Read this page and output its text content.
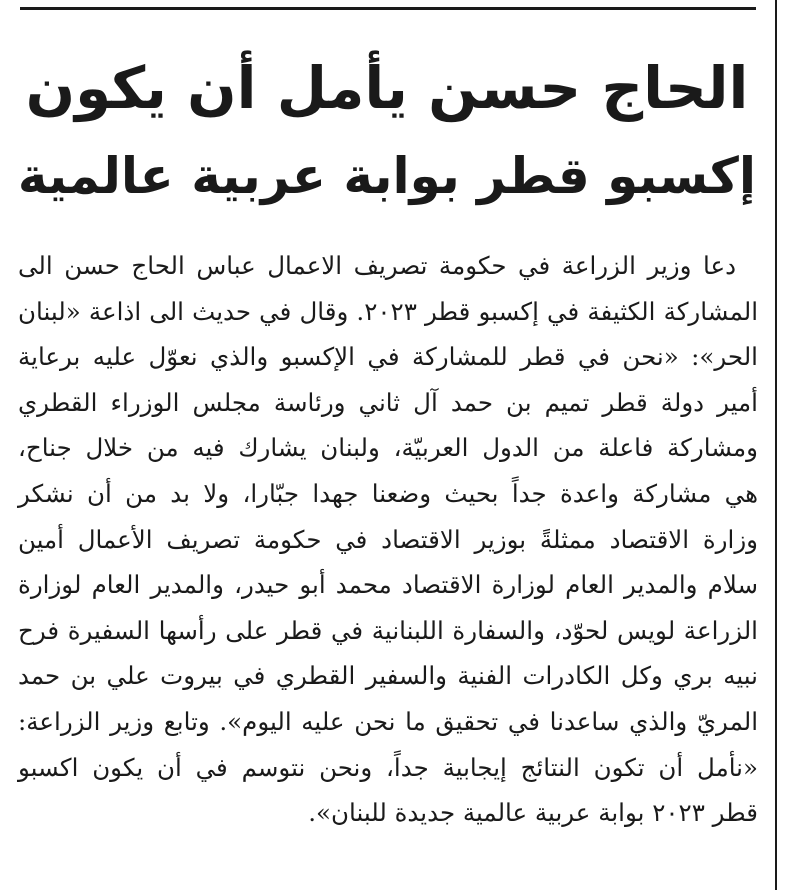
الحاج حسن يأمل أن يكون
إكسبو قطر بوابة عربية عالمية
دعا وزير الزراعة في حكومة تصريف الاعمال عباس الحاج حسن الى
المشاركة الكثيفة في إكسبو قطر ٢٠٢٣. وقال في حديث الى اذاعة «لبنان
الحر»: «نحن في قطر للمشاركة في الإكسبو والذي نعوّل عليه برعاية
أمير دولة قطر تميم بن حمد آل ثاني ورئاسة مجلس الوزراء القطري
ومشاركة فاعلة من الدول العربيّة، ولبنان يشارك فيه من خلال جناح،
هي مشاركة واعدة جداً بحيث وضعنا جهدا جبّارا، ولا بد من أن نشكر
وزارة الاقتصاد ممثلةً بوزير الاقتصاد في حكومة تصريف الأعمال أمين
سلام والمدير العام لوزارة الاقتصاد محمد أبو حيدر، والمدير العام لوزارة
الزراعة لويس لحوّد، والسفارة اللبنانية في قطر على رأسها السفيرة فرح
نبيه بري وكل الكادرات الفنية والسفير القطري في بيروت علي بن حمد
المريّ والذي ساعدنا في تحقيق ما نحن عليه اليوم». وتابع وزير الزراعة:
«نأمل أن تكون النتائج إيجابية جداً، ونحن نتوسم في أن يكون اكسبو
قطر ٢٠٢٣ بوابة عربية عالمية جديدة للبنان».
